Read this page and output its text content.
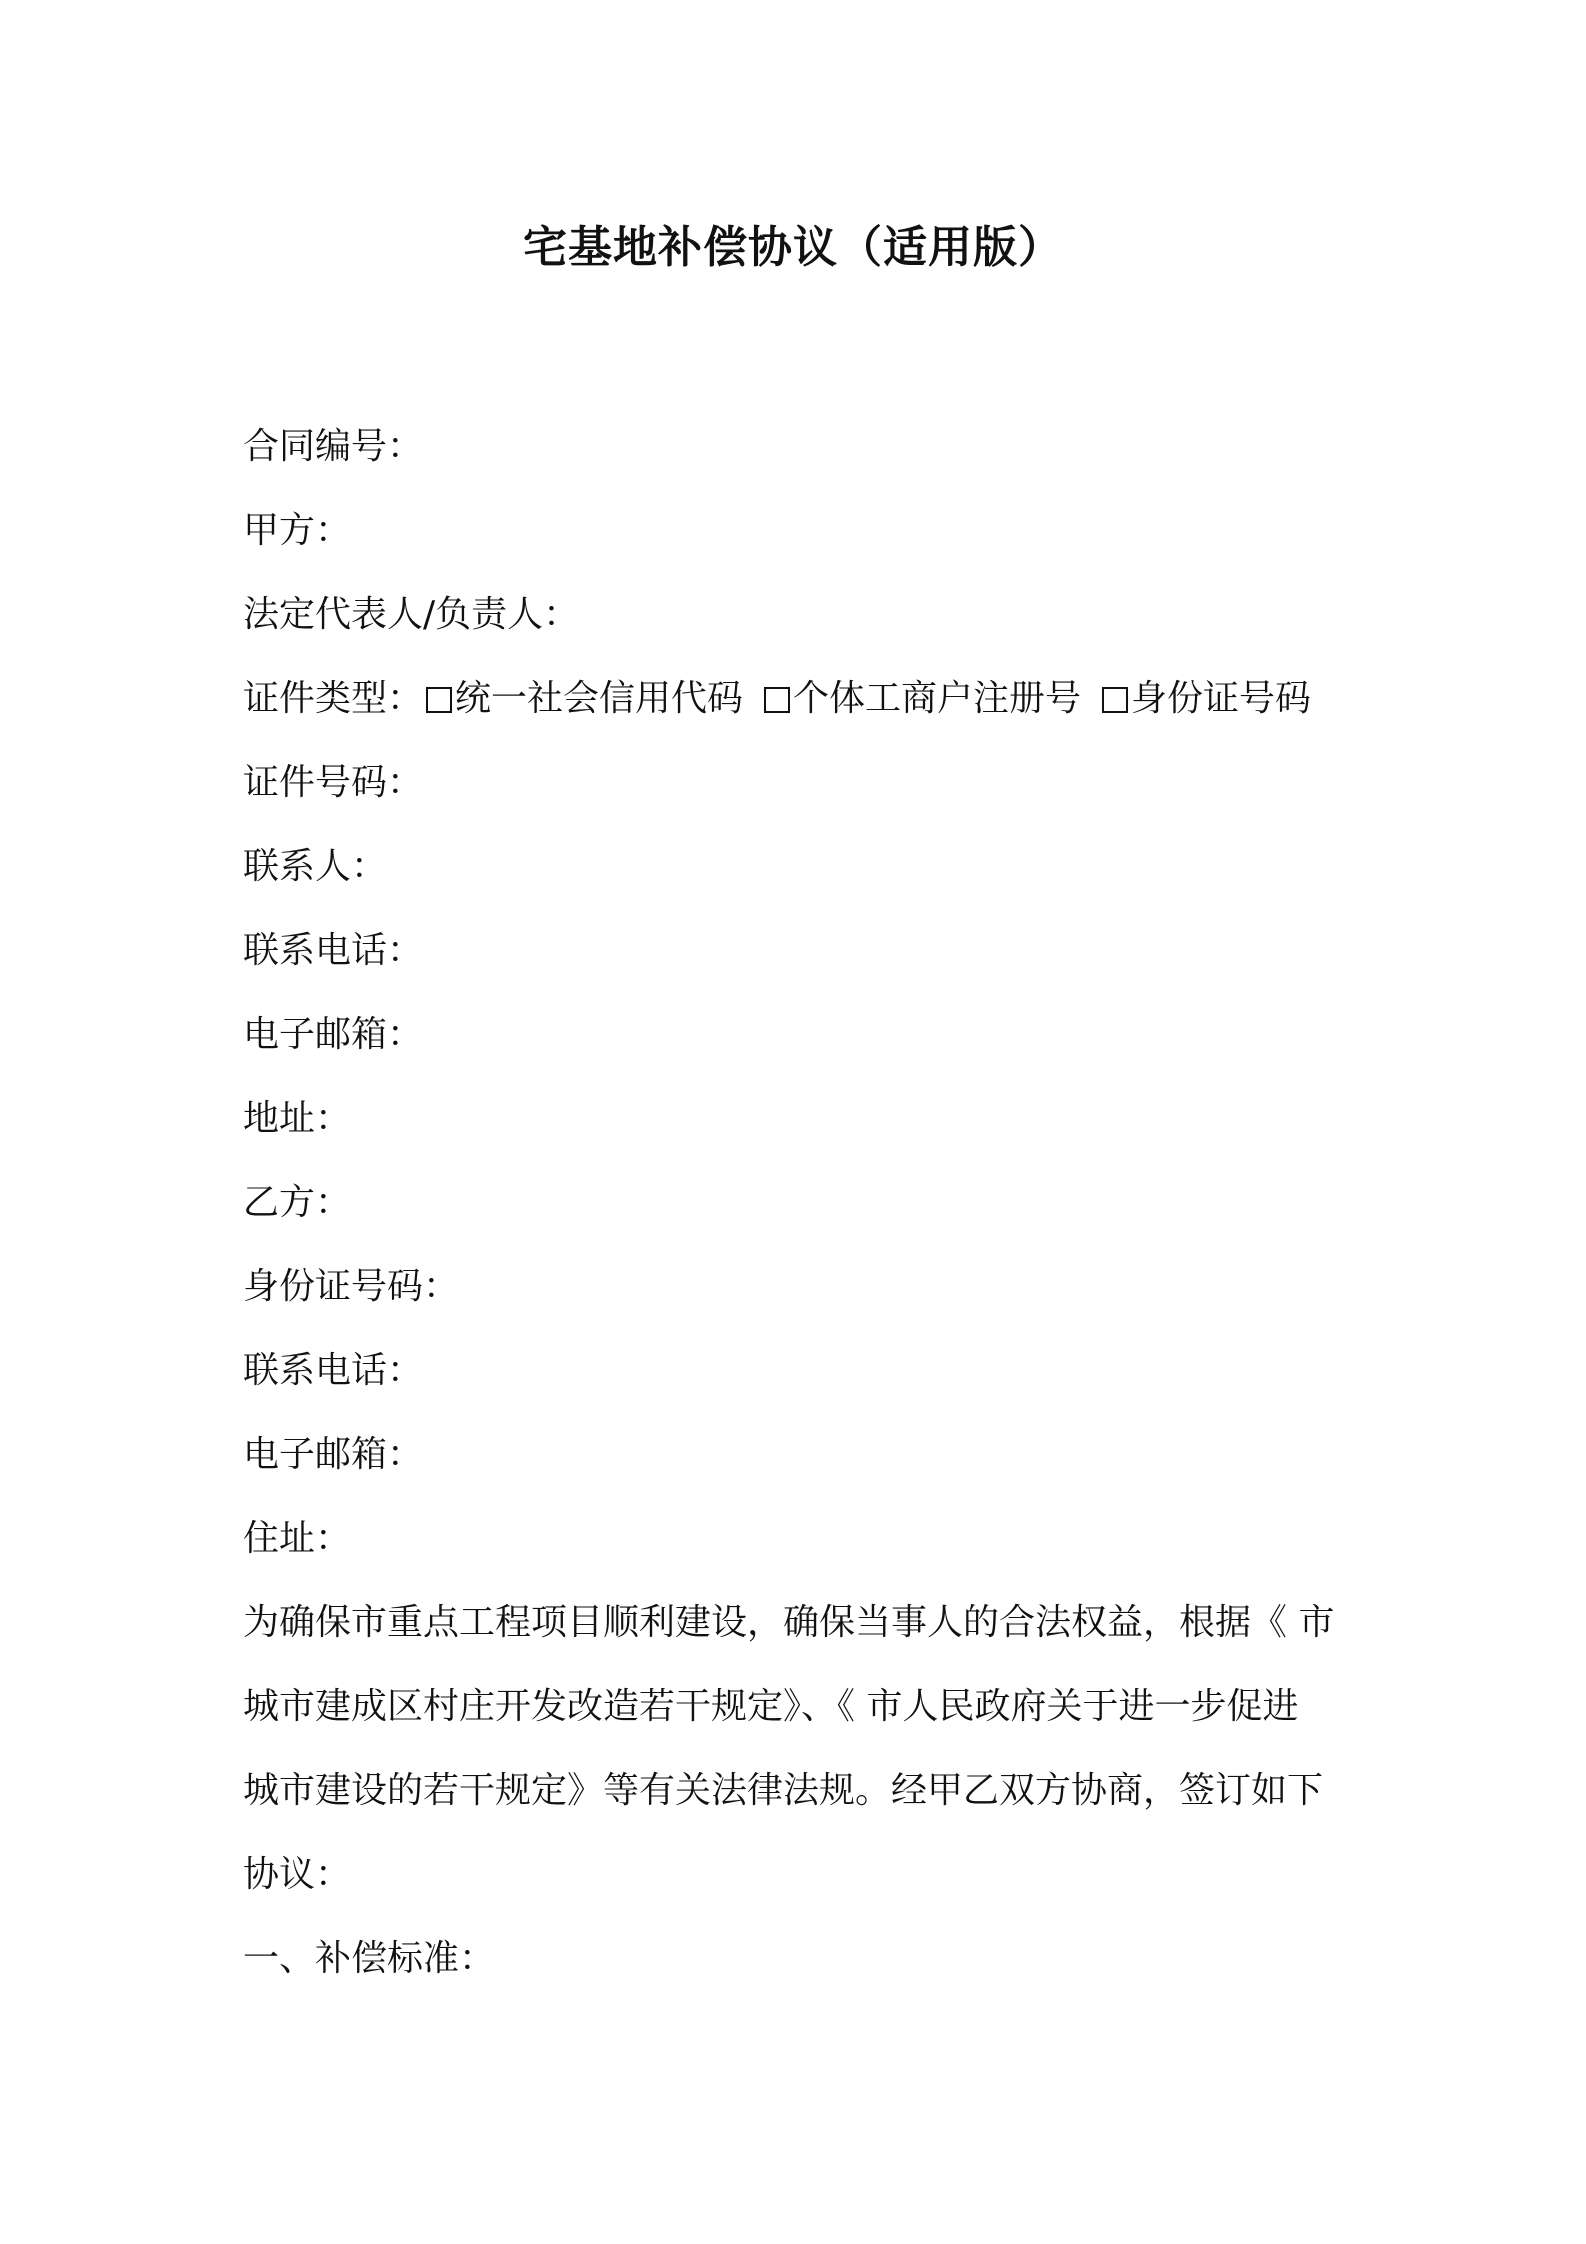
宅基地补偿协议（适用版）
合同编号：
甲方：
法定代表人/负责人：
证件类型： 统一社会信用代码 个体工商户注册号 身份证号码
证件号码：
联系人：
联系电话：
电子邮箱：
地址：
乙方：
身份证号码：
联系电话：
电子邮箱：
住址：
为确保市重点工程项目顺利建设，确保当事人的合法权益，根据《 市
城市建成区村庄开发改造若干规定》、《 市人民政府关于进一步促进
城市建设的若干规定》等有关法律法规。经甲乙双方协商，签订如下
协议：
一、补偿标准：
